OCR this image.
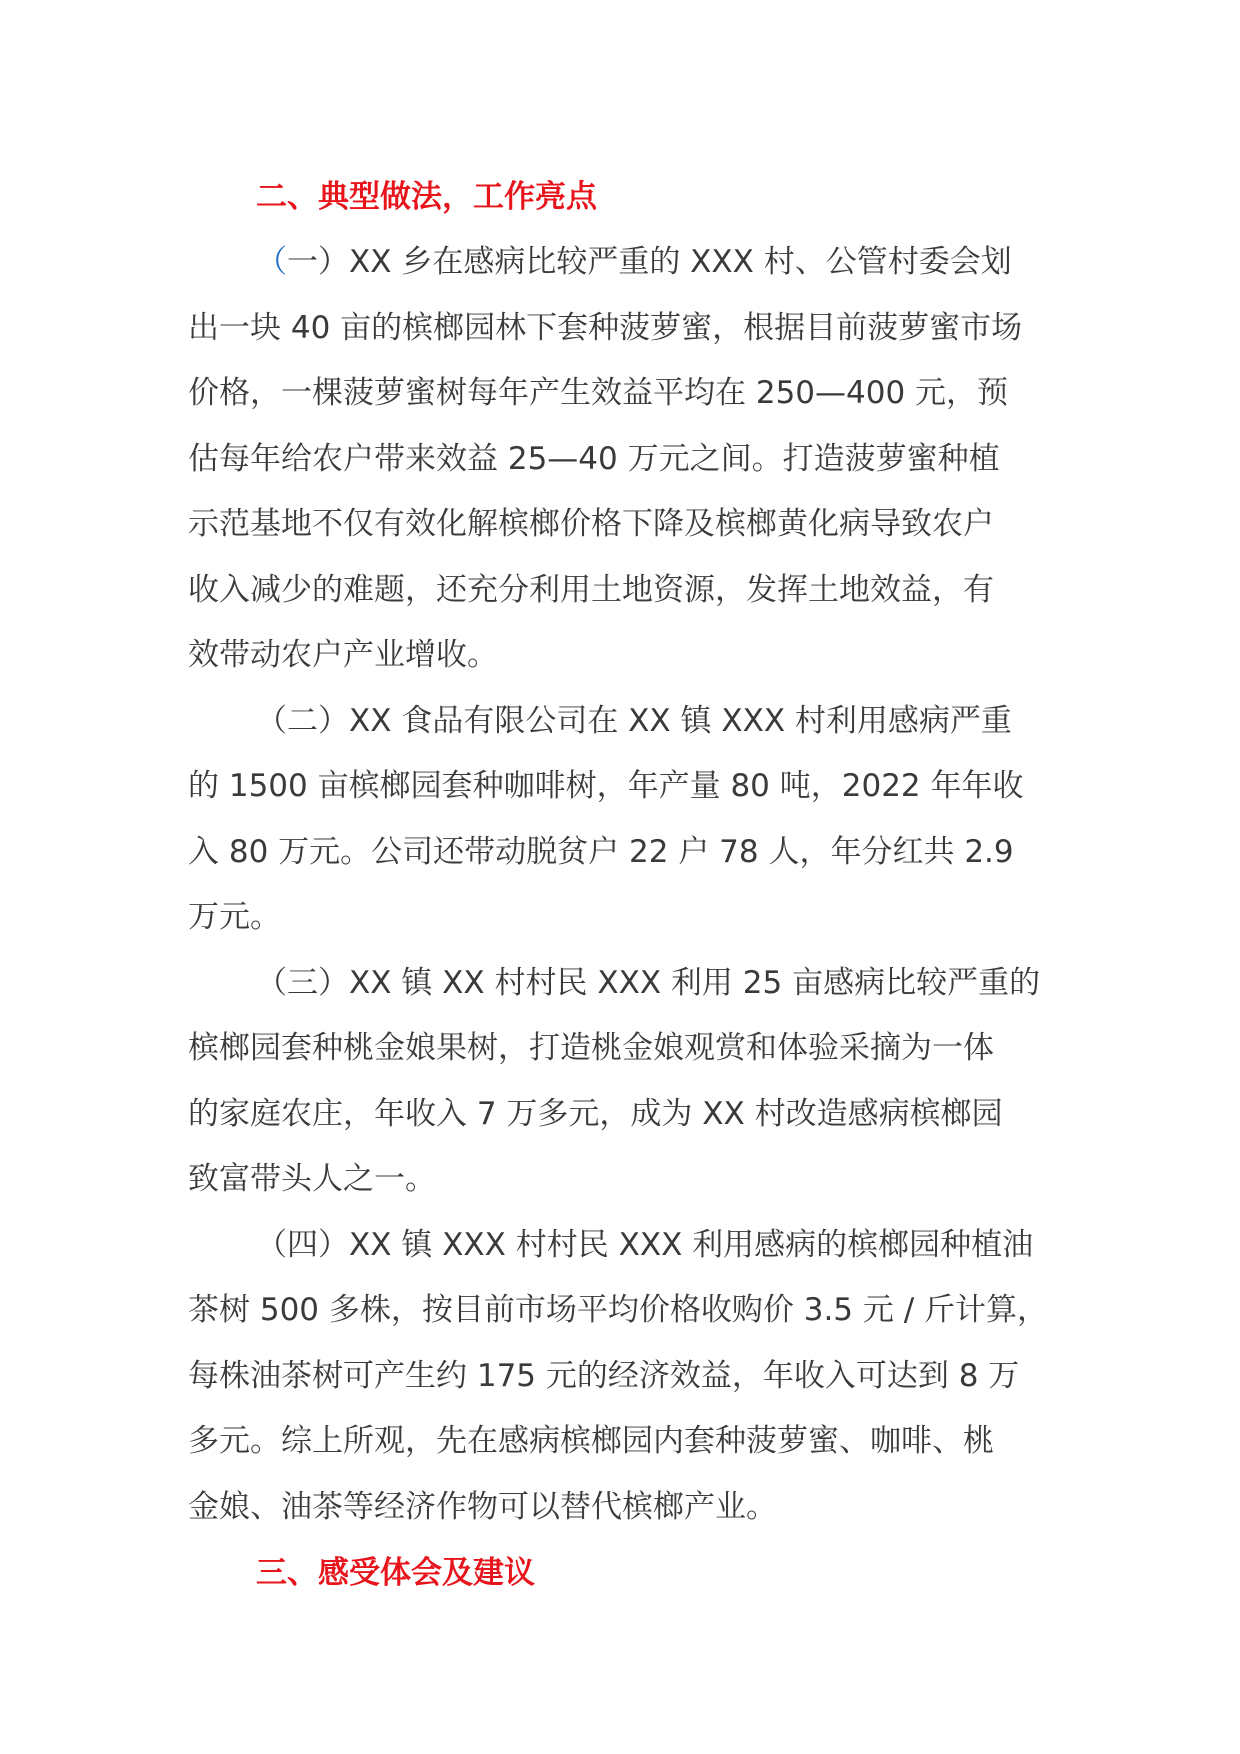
二、典型做法，工作亮点
（一）XX 乡在感病比较严重的 XXX 村、公管村委会划
出一块 40 亩的槟榔园林下套种菠萝蜜，根据目前菠萝蜜市场
价格，一棵菠萝蜜树每年产生效益平均在 250—400 元，预
估每年给农户带来效益 25—40 万元之间。打造菠萝蜜种植
示范基地不仅有效化解槟榔价格下降及槟榔黄化病导致农户
收入减少的难题，还充分利用土地资源，发挥土地效益，有
效带动农户产业增收。
（二）XX 食品有限公司在 XX 镇 XXX 村利用感病严重
的 1500 亩槟榔园套种咖啡树，年产量 80 吨，2022 年年收
入 80 万元。公司还带动脱贫户 22 户 78 人，年分红共 2.9
万元。
（三）XX 镇 XX 村村民 XXX 利用 25 亩感病比较严重的
槟榔园套种桃金娘果树，打造桃金娘观赏和体验采摘为一体
的家庭农庄，年收入 7 万多元，成为 XX 村改造感病槟榔园
致富带头人之一。
（四）XX 镇 XXX 村村民 XXX 利用感病的槟榔园种植油
茶树 500 多株，按目前市场平均价格收购价 3.5 元 / 斤计算，
每株油茶树可产生约 175 元的经济效益，年收入可达到 8 万
多元。综上所观，先在感病槟榔园内套种菠萝蜜、咖啡、桃
金娘、油茶等经济作物可以替代槟榔产业。
三、感受体会及建议
